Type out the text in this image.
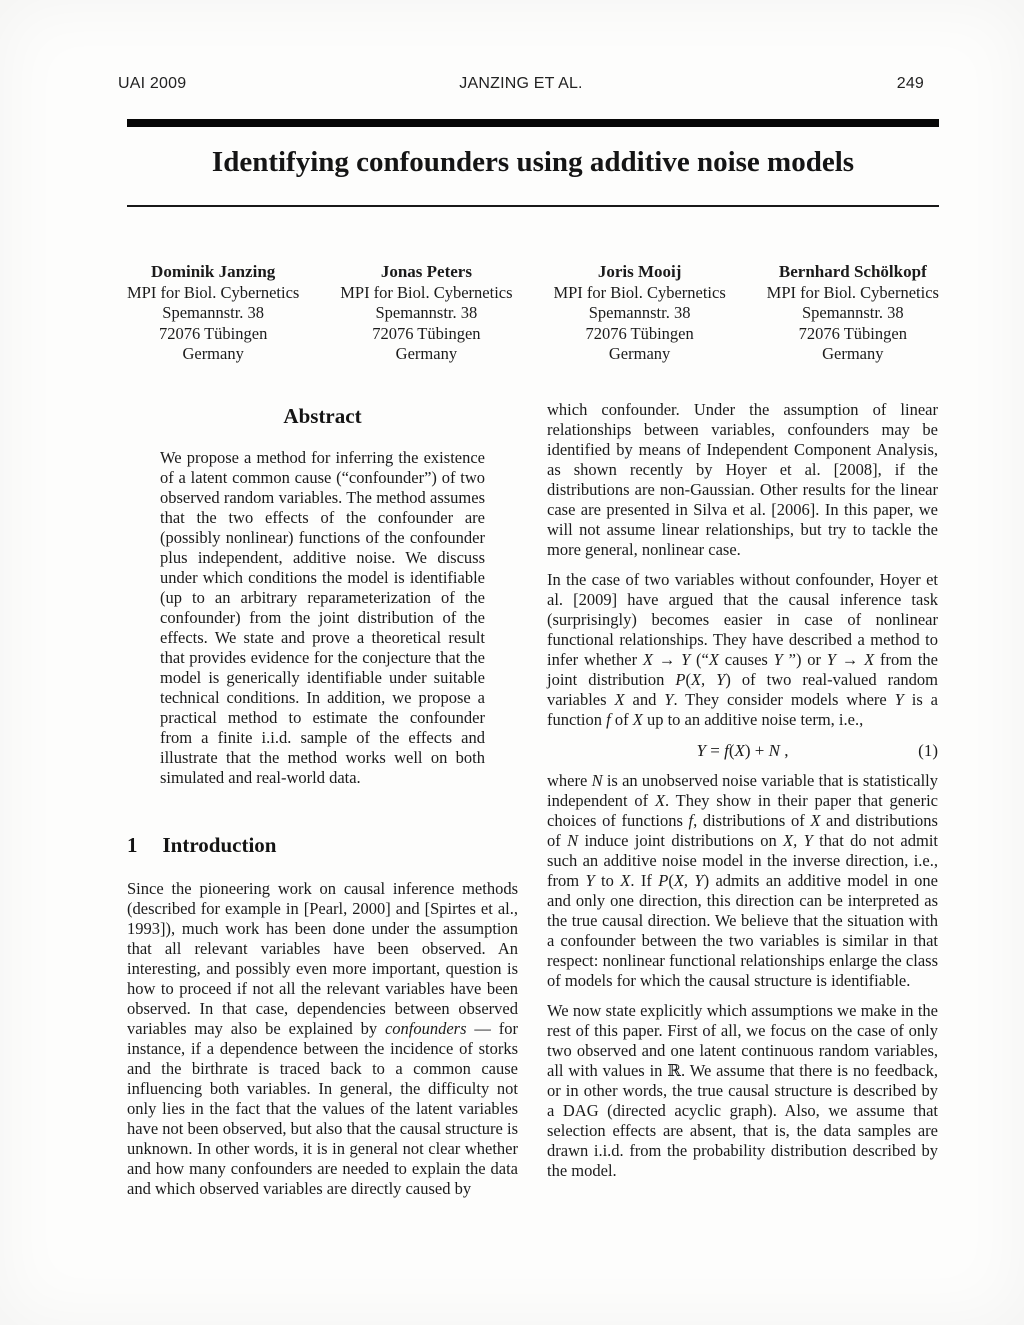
UAI 2009	JANZING ET AL.	249
Identifying confounders using additive noise models
Dominik Janzing
MPI for Biol. Cybernetics
Spemannstr. 38
72076 Tübingen
Germany
Jonas Peters
MPI for Biol. Cybernetics
Spemannstr. 38
72076 Tübingen
Germany
Joris Mooij
MPI for Biol. Cybernetics
Spemannstr. 38
72076 Tübingen
Germany
Bernhard Schölkopf
MPI for Biol. Cybernetics
Spemannstr. 38
72076 Tübingen
Germany
Abstract

We propose a method for inferring the existence of a latent common cause (“confounder”) of two observed random variables. The method assumes that the two effects of the confounder are (possibly nonlinear) functions of the confounder plus independent, additive noise. We discuss under which conditions the model is identifiable (up to an arbitrary reparameterization of the confounder) from the joint distribution of the effects. We state and prove a theoretical result that provides evidence for the conjecture that the model is generically identifiable under suitable technical conditions. In addition, we propose a practical method to estimate the confounder from a finite i.i.d. sample of the effects and illustrate that the method works well on both simulated and real-world data.

1 Introduction

Since the pioneering work on causal inference methods (described for example in [Pearl, 2000] and [Spirtes et al., 1993]), much work has been done under the assumption that all relevant variables have been observed. An interesting, and possibly even more important, question is how to proceed if not all the relevant variables have been observed. In that case, dependencies between observed variables may also be explained by confounders — for instance, if a dependence between the incidence of storks and the birthrate is traced back to a common cause influencing both variables. In general, the difficulty not only lies in the fact that the values of the latent variables have not been observed, but also that the causal structure is unknown. In other words, it is in general not clear whether and how many confounders are needed to explain the data and which observed variables are directly caused by

which confounder. Under the assumption of linear relationships between variables, confounders may be identified by means of Independent Component Analysis, as shown recently by Hoyer et al. [2008], if the distributions are non-Gaussian. Other results for the linear case are presented in Silva et al. [2006]. In this paper, we will not assume linear relationships, but try to tackle the more general, nonlinear case.

In the case of two variables without confounder, Hoyer et al. [2009] have argued that the causal inference task (surprisingly) becomes easier in case of nonlinear functional relationships. They have described a method to infer whether X → Y (“X causes Y ”) or Y → X from the joint distribution P(X, Y) of two real-valued random variables X and Y. They consider models where Y is a function f of X up to an additive noise term, i.e.,

Y = f(X) + N ,	(1)

where N is an unobserved noise variable that is statistically independent of X. They show in their paper that generic choices of functions f, distributions of X and distributions of N induce joint distributions on X, Y that do not admit such an additive noise model in the inverse direction, i.e., from Y to X. If P(X, Y) admits an additive model in one and only one direction, this direction can be interpreted as the true causal direction. We believe that the situation with a confounder between the two variables is similar in that respect: nonlinear functional relationships enlarge the class of models for which the causal structure is identifiable.

We now state explicitly which assumptions we make in the rest of this paper. First of all, we focus on the case of only two observed and one latent continuous random variables, all with values in ℝ. We assume that there is no feedback, or in other words, the true causal structure is described by a DAG (directed acyclic graph). Also, we assume that selection effects are absent, that is, the data samples are drawn i.i.d. from the probability distribution described by the model.
